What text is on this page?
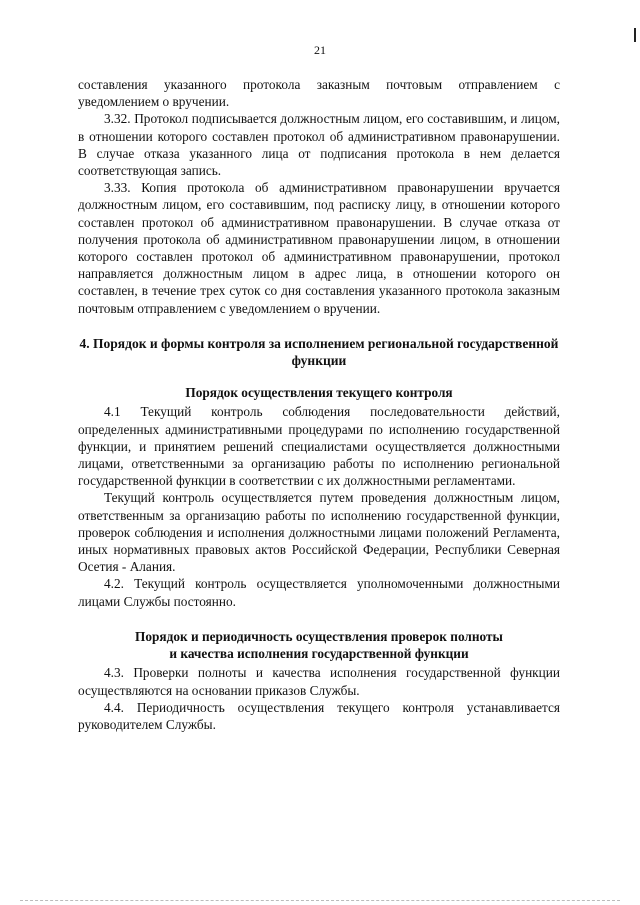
21

составления указанного протокола заказным почтовым отправлением с уведомлением о вручении.

3.32. Протокол подписывается должностным лицом, его составившим, и лицом, в отношении которого составлен протокол об административном правонарушении. В случае отказа указанного лица от подписания протокола в нем делается соответствующая запись.

3.33. Копия протокола об административном правонарушении вручается должностным лицом, его составившим, под расписку лицу, в отношении которого составлен протокол об административном правонарушении. В случае отказа от получения протокола об административном правонарушении лицом, в отношении которого составлен протокол об административном правонарушении, протокол направляется должностным лицом в адрес лица, в отношении которого он составлен, в течение трех суток со дня составления указанного протокола заказным почтовым отправлением с уведомлением о вручении.

4. Порядок и формы контроля за исполнением региональной государственной функции
Порядок осуществления текущего контроля

4.1 Текущий контроль соблюдения последовательности действий, определенных административными процедурами по исполнению государственной функции, и принятием решений специалистами осуществляется должностными лицами, ответственными за организацию работы по исполнению региональной государственной функции в соответствии с их должностными регламентами.

Текущий контроль осуществляется путем проведения должностным лицом, ответственным за организацию работы по исполнению государственной функции, проверок соблюдения и исполнения должностными лицами положений Регламента, иных нормативных правовых актов Российской Федерации, Республики Северная Осетия - Алания.

4.2. Текущий контроль осуществляется уполномоченными должностными лицами Службы постоянно.

Порядок и периодичность осуществления проверок полноты
и качества исполнения государственной функции

4.3. Проверки полноты и качества исполнения государственной функции осуществляются на основании приказов Службы.

4.4. Периодичность осуществления текущего контроля устанавливается руководителем Службы.
